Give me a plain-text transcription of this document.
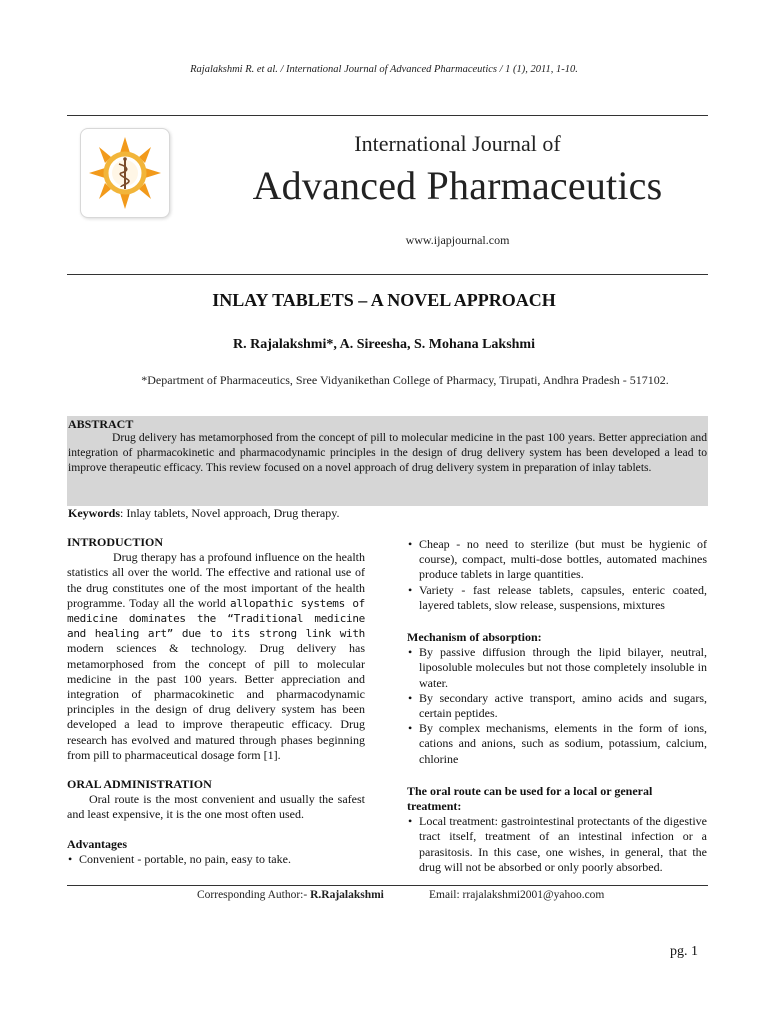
Rajalakshmi R. et al. / International Journal of Advanced Pharmaceutics / 1 (1), 2011, 1-10.
International Journal of
Advanced Pharmaceutics
www.ijapjournal.com
INLAY TABLETS – A NOVEL APPROACH
R. Rajalakshmi*, A. Sireesha, S. Mohana Lakshmi
*Department of Pharmaceutics, Sree Vidyanikethan College of Pharmacy, Tirupati, Andhra Pradesh - 517102.
ABSTRACT
Drug delivery has metamorphosed from the concept of pill to molecular medicine in the past 100 years. Better appreciation and integration of pharmacokinetic and pharmacodynamic principles in the design of drug delivery system has been developed a lead to improve therapeutic efficacy. This review focused on a novel approach of drug delivery system in preparation of inlay tablets.
Keywords: Inlay tablets, Novel approach, Drug therapy.

INTRODUCTION

Drug therapy has a profound influence on the health statistics all over the world. The effective and rational use of the drug constitutes one of the most important of the health programme. Today all the world allopathic systems of medicine dominates the “Traditional medicine and healing art” due to its strong link with modern sciences & technology. Drug delivery has metamorphosed from the concept of pill to molecular medicine in the past 100 years. Better appreciation and integration of pharmacokinetic and pharmacodynamic principles in the design of drug delivery system has been developed a lead to improve therapeutic efficacy. Drug research has evolved and matured through phases beginning from pill to pharmaceutical dosage form [1].

ORAL ADMINISTRATION

Oral route is the most convenient and usually the safest and least expensive, it is the one most often used.

Advantages

• Convenient - portable, no pain, easy to take.
• Cheap - no need to sterilize (but must be hygienic of course), compact, multi-dose bottles, automated machines produce tablets in large quantities.
• Variety - fast release tablets, capsules, enteric coated, layered tablets, slow release, suspensions, mixtures

Mechanism of absorption:

• By passive diffusion through the lipid bilayer, neutral, liposoluble molecules but not those completely insoluble in water.
• By secondary active transport, amino acids and sugars, certain peptides.
• By complex mechanisms, elements in the form of ions, cations and anions, such as sodium, potassium, calcium, chlorine

The oral route can be used for a local or general treatment:

• Local treatment: gastrointestinal protectants of the digestive tract itself, treatment of an intestinal infection or a parasitosis. In this case, one wishes, in general, that the drug will not be absorbed or only poorly absorbed.
Corresponding Author:- R.Rajalakshmi	Email: rrajalakshmi2001@yahoo.com
pg. 1
